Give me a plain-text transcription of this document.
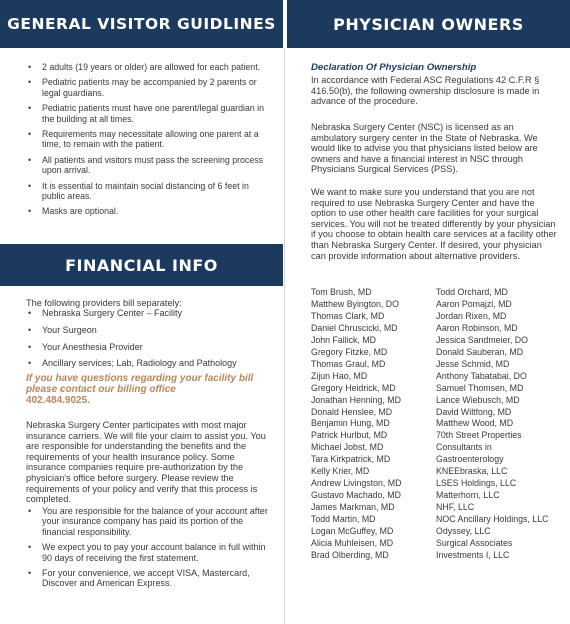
GENERAL VISITOR GUIDLINES	PHYSICIAN OWNERS
• 2 adults (19 years or older) are allowed for each patient.
• Pediatric patients may be accompanied by 2 parents or legal guardians.
• Pediatric patients must have one parent/legal guardian in the building at all times.
• Requirements may necessitate allowing one parent at a time, to remain with the patient.
• All patients and visitors must pass the screening process upon arrival.
• It is essential to maintain social distancing of 6 feet in public areas.
• Masks are optional.
FINANCIAL INFO

The following providers bill separately:

• Nebraska Surgery Center – Facility
• Your Surgeon
• Your Anesthesia Provider
• Ancillary services; Lab, Radiology and Pathology

If you have questions regarding your facility bill please contact our billing office
402.484.9025.

Nebraska Surgery Center participates with most major insurance carriers. We will file your claim to assist you. You are responsible for understanding the benefits and the requirements of your health insurance policy. Some insurance companies require pre-authorization by the physician's office before surgery. Please review the requirements of your policy and verify that this process is completed.

• You are responsible for the balance of your account after your insurance company has paid its portion of the financial responsibility.
• We expect you to pay your account balance in full within 90 days of receiving the first statement.
• For your convenience, we accept VISA, Mastercard, Discover and American Express.
Declaration Of Physician Ownership

In accordance with Federal ASC Regulations 42 C.F.R § 416.50(b), the following ownership disclosure is made in advance of the procedure.

Nebraska Surgery Center (NSC) is licensed as an ambulatory surgery center in the State of Nebraska. We would like to advise you that physicians listed below are owners and have a financial interest in NSC through Physicians Surgical Services (PSS).

We want to make sure you understand that you are not required to use Nebraska Surgery Center and have the option to use other health care facilities for your surgical services. You will not be treated differently by your physician if you choose to obtain health care services at a facility other than Nebraska Surgery Center. If desired, your physician can provide information about alternative providers.

Tom Brush, MD
Matthew Byington, DO
Thomas Clark, MD
Daniel Chruscicki, MD
John Fallick, MD
Gregory Fitzke, MD
Thomas Graul, MD
Zijun Hao, MD
Gregory Heidrick, MD
Jonathan Henning, MD
Donald Henslee, MD
Benjamin Hung, MD
Patrick Hurlbut, MD
Michael Jobst, MD
Tara Kirkpatrick, MD
Kelly Krier, MD
Andrew Livingston, MD
Gustavo Machado, MD
James Markman, MD
Todd Martin, MD
Logan McGuffey, MD
Alicia Muhleisen, MD
Brad Olberding, MD
Todd Orchard, MD
Aaron Pomajzl, MD
Jordan Rixen, MD
Aaron Robinson, MD
Jessica Sandmeier, DO
Donald Sauberan, MD
Jesse Schmid, MD
Anthony Tabatabai, DO
Samuel Thomsen, MD
Lance Wiebusch, MD
David Wiltfong, MD
Matthew Wood, MD
70th Street Properties
Consultants in
Gastroenterology
KNEEbraska, LLC
LSES Holdings, LLC
Matterhorn, LLC
NHF, LLC
NOC Ancillary Holdings, LLC
Odyssey, LLC
Surgical Associates
Investments I, LLC
